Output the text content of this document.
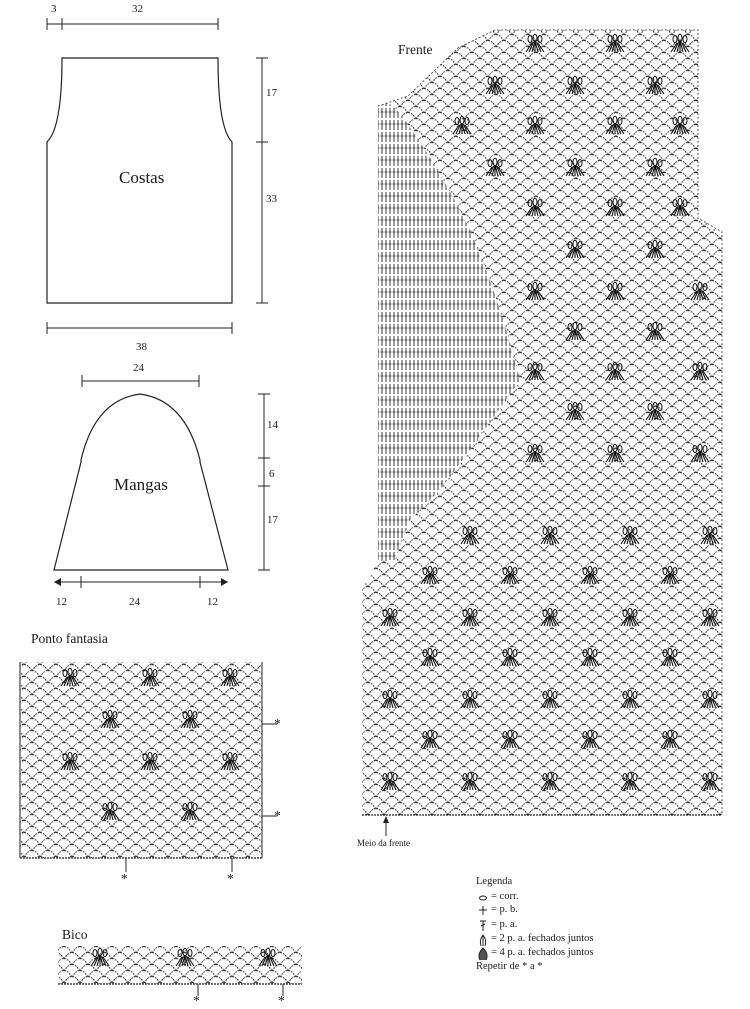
3	32
17
33
Costas
38
24
14
6
17
Mangas
12	24	12
Ponto fantasia
*
*
*	*
Frente
Meio da frente
Bico
*	*
Legenda
= corr.
= p. b.
= p. a.
= 2 p. a. fechados juntos
= 4 p. a. fechados juntos
Repetir de * a *
